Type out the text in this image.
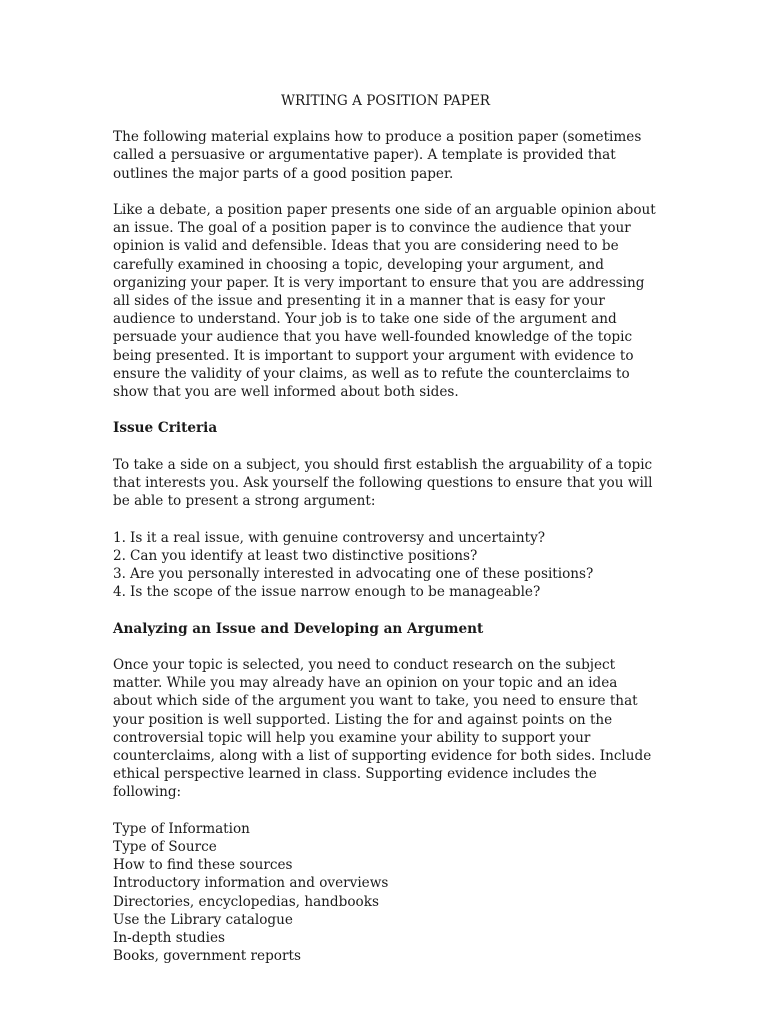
WRITING A POSITION PAPER

The following material explains how to produce a position paper (sometimes called a persuasive or argumentative paper). A template is provided that outlines the major parts of a good position paper.

Like a debate, a position paper presents one side of an arguable opinion about an issue. The goal of a position paper is to convince the audience that your opinion is valid and defensible. Ideas that you are considering need to be carefully examined in choosing a topic, developing your argument, and organizing your paper. It is very important to ensure that you are addressing all sides of the issue and presenting it in a manner that is easy for your audience to understand. Your job is to take one side of the argument and persuade your audience that you have well-founded knowledge of the topic being presented. It is important to support your argument with evidence to ensure the validity of your claims, as well as to refute the counterclaims to show that you are well informed about both sides.

Issue Criteria

To take a side on a subject, you should first establish the arguability of a topic that interests you. Ask yourself the following questions to ensure that you will be able to present a strong argument:

1. Is it a real issue, with genuine controversy and uncertainty?
2. Can you identify at least two distinctive positions?
3. Are you personally interested in advocating one of these positions?
4. Is the scope of the issue narrow enough to be manageable?
Analyzing an Issue and Developing an Argument

Once your topic is selected, you need to conduct research on the subject matter. While you may already have an opinion on your topic and an idea about which side of the argument you want to take, you need to ensure that your position is well supported. Listing the for and against points on the controversial topic will help you examine your ability to support your counterclaims, along with a list of supporting evidence for both sides. Include ethical perspective learned in class. Supporting evidence includes the following:

Type of Information
Type of Source
How to find these sources
Introductory information and overviews
Directories, encyclopedias, handbooks
Use the Library catalogue
In-depth studies
Books, government reports
